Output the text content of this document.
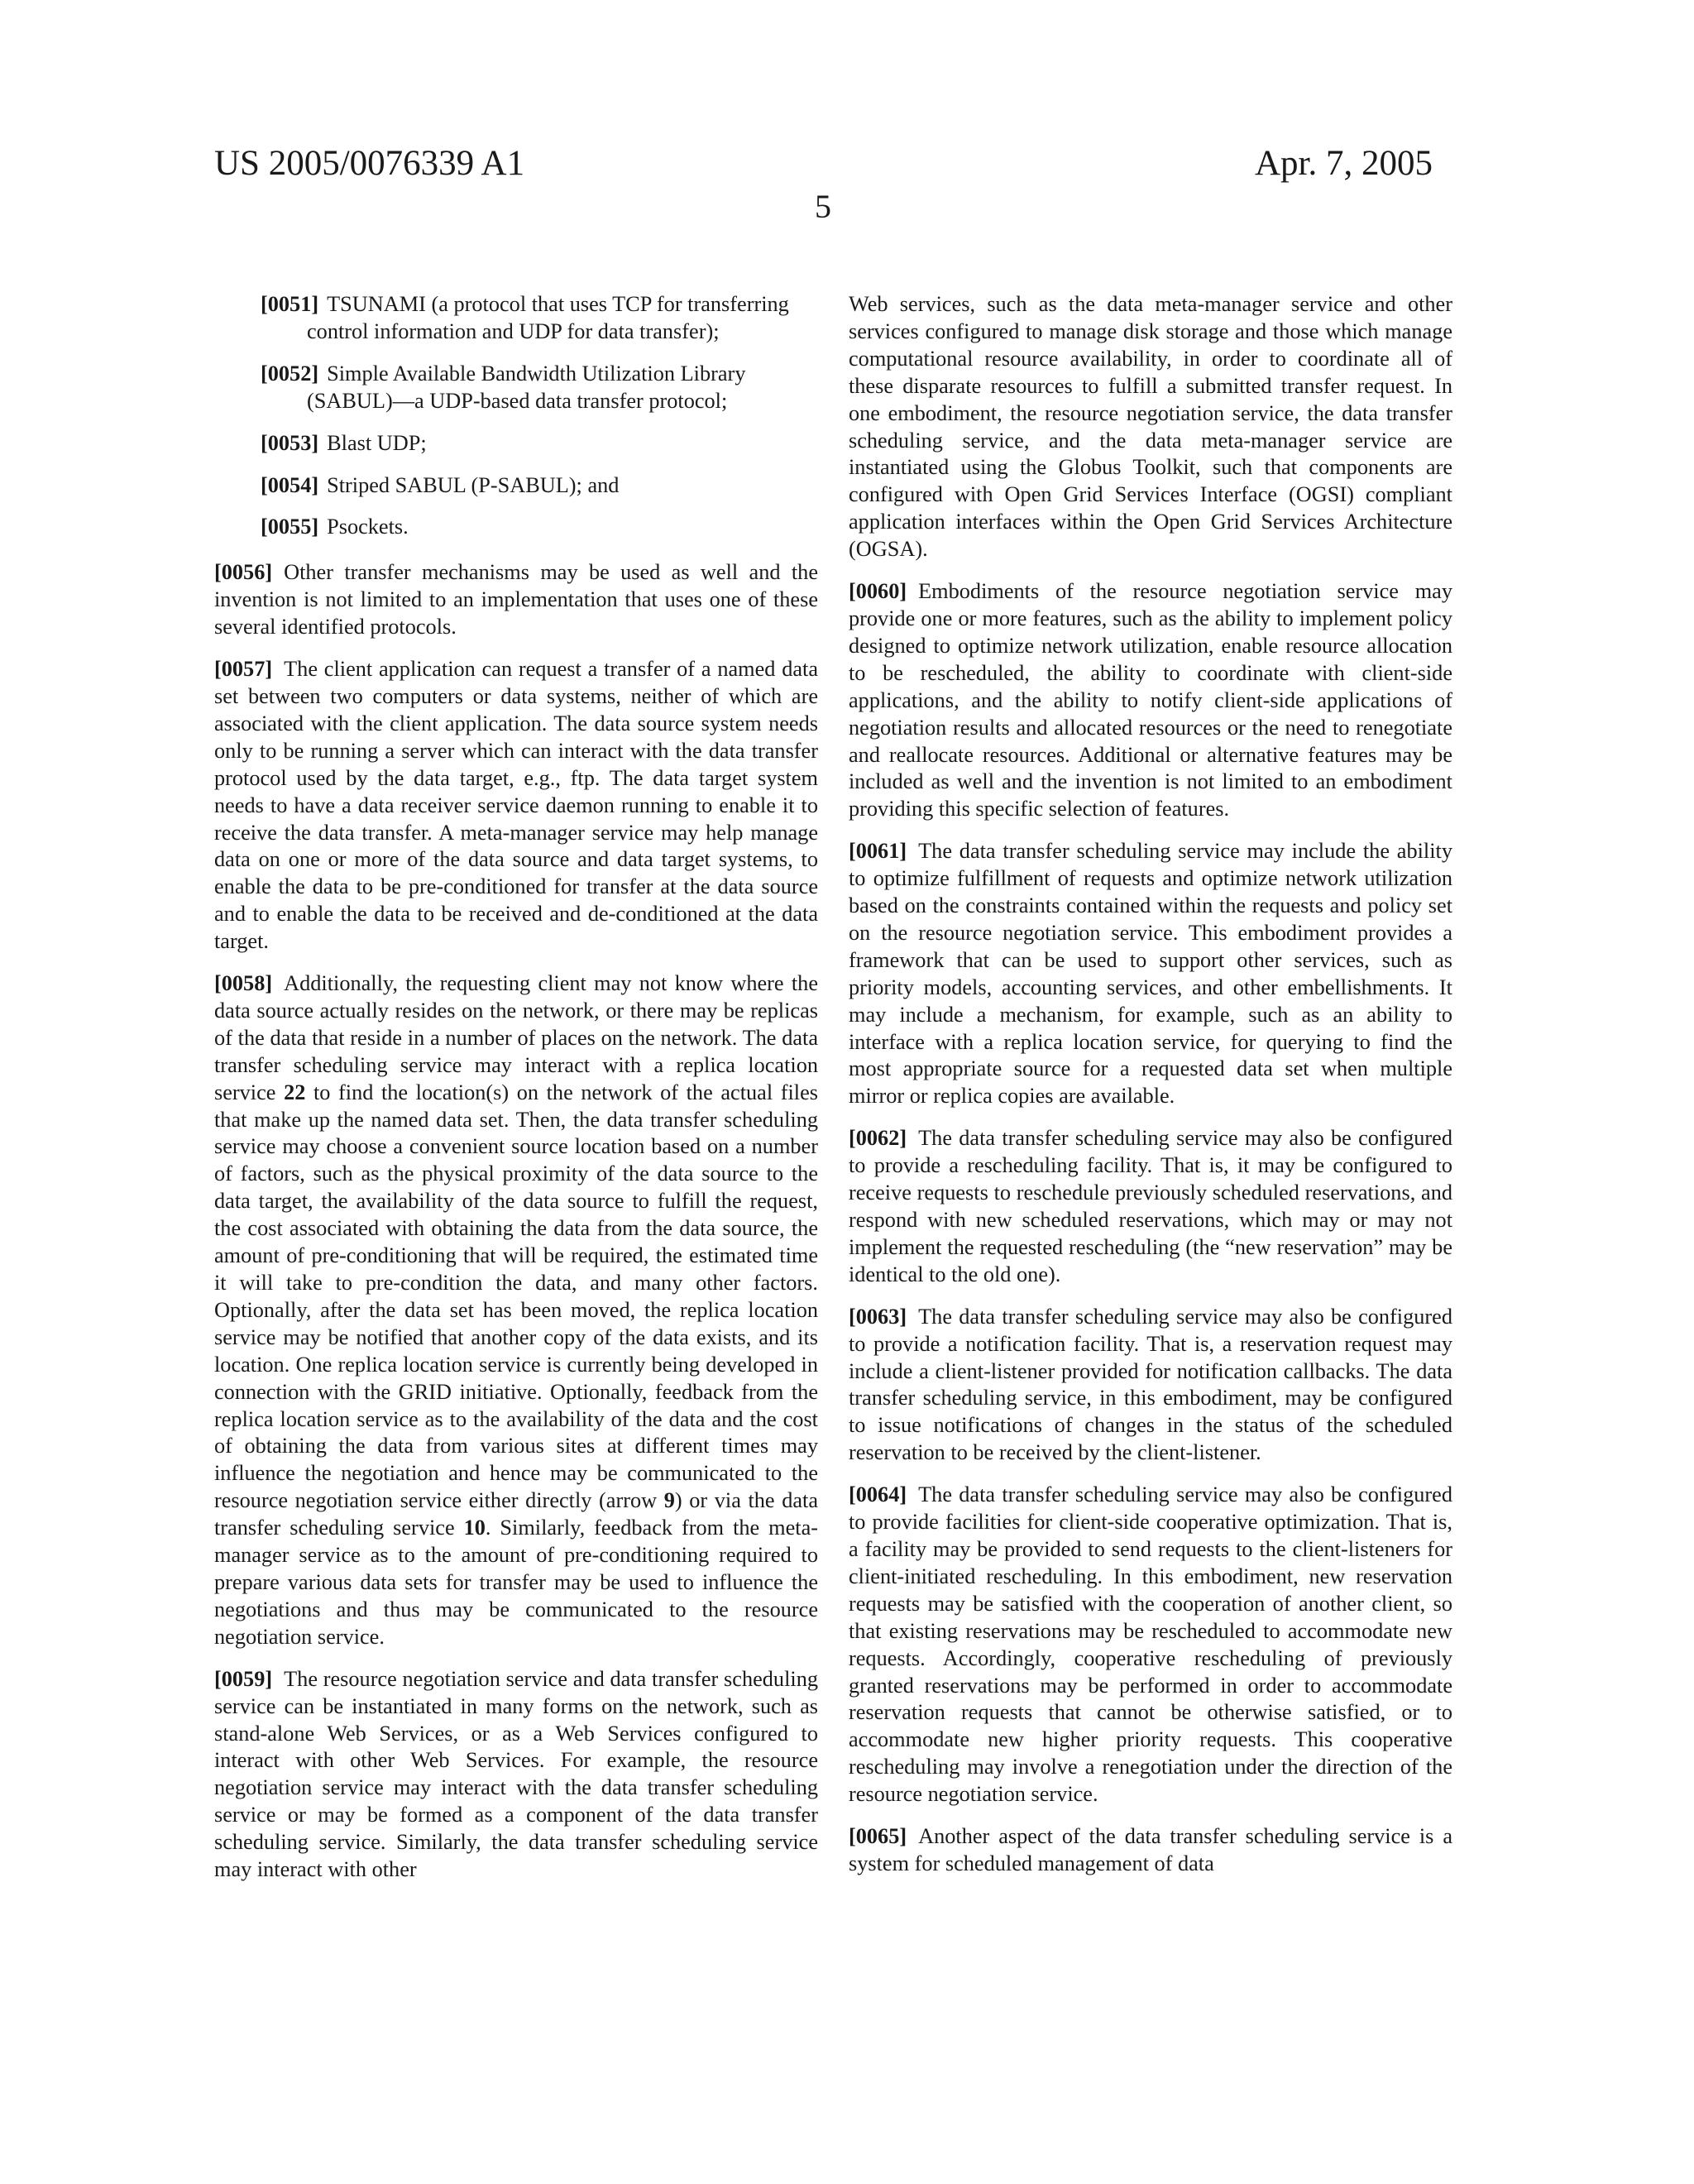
US 2005/0076339 A1	Apr. 7, 2005
5

[0051] TSUNAMI (a protocol that uses TCP for transferring control information and UDP for data transfer);

[0052] Simple Available Bandwidth Utilization Library (SABUL)—a UDP-based data transfer protocol;

[0053] Blast UDP;

[0054] Striped SABUL (P-SABUL); and

[0055] Psockets.

[0056] Other transfer mechanisms may be used as well and the invention is not limited to an implementation that uses one of these several identified protocols.

[0057] The client application can request a transfer of a named data set between two computers or data systems, neither of which are associated with the client application. The data source system needs only to be running a server which can interact with the data transfer protocol used by the data target, e.g., ftp. The data target system needs to have a data receiver service daemon running to enable it to receive the data transfer. A meta-manager service may help manage data on one or more of the data source and data target systems, to enable the data to be pre-conditioned for transfer at the data source and to enable the data to be received and de-conditioned at the data target.

[0058] Additionally, the requesting client may not know where the data source actually resides on the network, or there may be replicas of the data that reside in a number of places on the network. The data transfer scheduling service may interact with a replica location service 22 to find the location(s) on the network of the actual files that make up the named data set. Then, the data transfer scheduling service may choose a convenient source location based on a number of factors, such as the physical proximity of the data source to the data target, the availability of the data source to fulfill the request, the cost associated with obtaining the data from the data source, the amount of pre-conditioning that will be required, the estimated time it will take to pre-condition the data, and many other factors. Optionally, after the data set has been moved, the replica location service may be notified that another copy of the data exists, and its location. One replica location service is currently being developed in connection with the GRID initiative. Optionally, feedback from the replica location service as to the availability of the data and the cost of obtaining the data from various sites at different times may influence the negotiation and hence may be communicated to the resource negotiation service either directly (arrow 9) or via the data transfer scheduling service 10. Similarly, feedback from the meta-manager service as to the amount of pre-conditioning required to prepare various data sets for transfer may be used to influence the negotiations and thus may be communicated to the resource negotiation service.

[0059] The resource negotiation service and data transfer scheduling service can be instantiated in many forms on the network, such as stand-alone Web Services, or as a Web Services configured to interact with other Web Services. For example, the resource negotiation service may interact with the data transfer scheduling service or may be formed as a component of the data transfer scheduling service. Similarly, the data transfer scheduling service may interact with other

Web services, such as the data meta-manager service and other services configured to manage disk storage and those which manage computational resource availability, in order to coordinate all of these disparate resources to fulfill a submitted transfer request. In one embodiment, the resource negotiation service, the data transfer scheduling service, and the data meta-manager service are instantiated using the Globus Toolkit, such that components are configured with Open Grid Services Interface (OGSI) compliant application interfaces within the Open Grid Services Architecture (OGSA).

[0060] Embodiments of the resource negotiation service may provide one or more features, such as the ability to implement policy designed to optimize network utilization, enable resource allocation to be rescheduled, the ability to coordinate with client-side applications, and the ability to notify client-side applications of negotiation results and allocated resources or the need to renegotiate and reallocate resources. Additional or alternative features may be included as well and the invention is not limited to an embodiment providing this specific selection of features.

[0061] The data transfer scheduling service may include the ability to optimize fulfillment of requests and optimize network utilization based on the constraints contained within the requests and policy set on the resource negotiation service. This embodiment provides a framework that can be used to support other services, such as priority models, accounting services, and other embellishments. It may include a mechanism, for example, such as an ability to interface with a replica location service, for querying to find the most appropriate source for a requested data set when multiple mirror or replica copies are available.

[0062] The data transfer scheduling service may also be configured to provide a rescheduling facility. That is, it may be configured to receive requests to reschedule previously scheduled reservations, and respond with new scheduled reservations, which may or may not implement the requested rescheduling (the “new reservation” may be identical to the old one).

[0063] The data transfer scheduling service may also be configured to provide a notification facility. That is, a reservation request may include a client-listener provided for notification callbacks. The data transfer scheduling service, in this embodiment, may be configured to issue notifications of changes in the status of the scheduled reservation to be received by the client-listener.

[0064] The data transfer scheduling service may also be configured to provide facilities for client-side cooperative optimization. That is, a facility may be provided to send requests to the client-listeners for client-initiated rescheduling. In this embodiment, new reservation requests may be satisfied with the cooperation of another client, so that existing reservations may be rescheduled to accommodate new requests. Accordingly, cooperative rescheduling of previously granted reservations may be performed in order to accommodate reservation requests that cannot be otherwise satisfied, or to accommodate new higher priority requests. This cooperative rescheduling may involve a renegotiation under the direction of the resource negotiation service.

[0065] Another aspect of the data transfer scheduling service is a system for scheduled management of data
